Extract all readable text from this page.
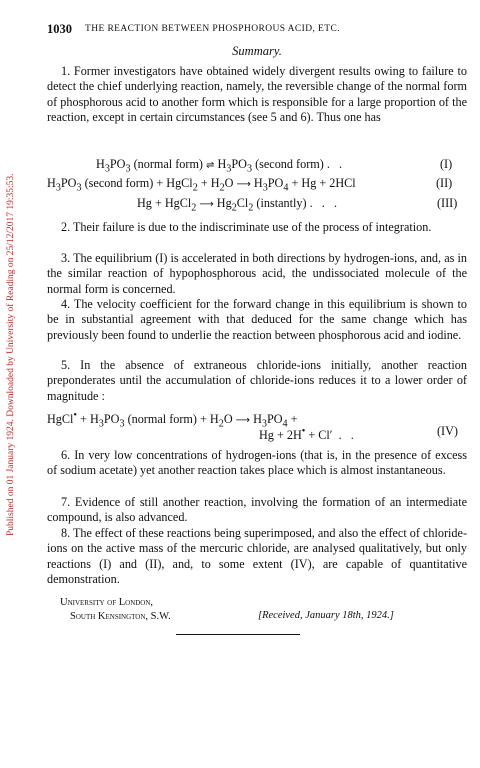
Published on 01 January 1924. Downloaded by University of Reading on 25/12/2017 19:35:53.
1030 THE REACTION BETWEEN PHOSPHOROUS ACID, ETC.
Summary.

1. Former investigators have obtained widely divergent results owing to failure to detect the chief underlying reaction, namely, the reversible change of the normal form of phosphorous acid to another form which is responsible for a large proportion of the reaction, except in certain circumstances (see 5 and 6). Thus one has

$H_3PO_3$ (normal form) ⇌ $H_3PO_3$ (second form) .   .	(I)
$H_3PO_3$ (second form) + HgCl$_2$ + $H_2O$ ⟶ $H_3PO_4 + Hg + 2HCl$	(II)
Hg + HgCl$_2$ ⟶ $Hg_2Cl_2$ (instantly) .   .   .	(III)

2. Their failure is due to the indiscriminate use of the process of integration.

3. The equilibrium (I) is accelerated in both directions by hydrogen-ions, and, as in the similar reaction of hypophosphorous acid, the undissociated molecule of the normal form is concerned.

4. The velocity coefficient for the forward change in this equilibrium is shown to be in substantial agreement with that deduced for the same change which has previously been found to underlie the reaction between phosphorous acid and iodine.

5. In the absence of extraneous chloride-ions initially, another reaction preponderates until the accumulation of chloride-ions reduces it to a lower order of magnitude :

HgCl• + $H_3PO_3$ (normal form) + $H_2O$ ⟶ $H_3PO_4$ +
Hg + 2H• + Cl′  .   .	(IV)

6. In very low concentrations of hydrogen-ions (that is, in the presence of excess of sodium acetate) yet another reaction takes place which is almost instantaneous.

7. Evidence of still another reaction, involving the formation of an intermediate compound, is also advanced.

8. The effect of these reactions being superimposed, and also the effect of chloride-ions on the active mass of the mercuric chloride, are analysed qualitatively, but only reactions (I) and (II), and, to some extent (IV), are capable of quantitative demonstration.

University of London,
South Kensington, S.W.	[Received, January 18th, 1924.]
